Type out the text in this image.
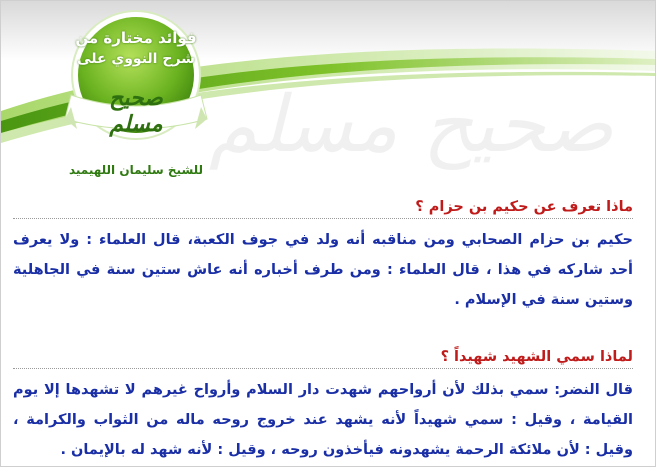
صحيح مسلم
فوائد مختارة من
شرح النووي على
صحيح مسلم
للشيخ سليمان اللهيميد
ماذا تعرف عن حكيم بن حزام ؟
حكيم بن حزام الصحابي ومن مناقبه أنه ولد في جوف الكعبة، قال العلماء : ولا يعرف أحد شاركه في هذا ، قال العلماء : ومن طرف أخباره أنه عاش ستين سنة في الجاهلية وستين سنة في الإسلام .
لماذا سمي الشهيد شهيداً ؟
قال النضر: سمي بذلك لأن أرواحهم شهدت دار السلام وأرواح غيرهم لا تشهدها إلا يوم القيامة ، وقيل : سمي شهيداً لأنه يشهد عند خروج روحه ماله من الثواب والكرامة ، وقيل : لأن ملائكة الرحمة يشهدونه فيأخذون روحه ، وقيل : لأنه شهد له بالإيمان .
